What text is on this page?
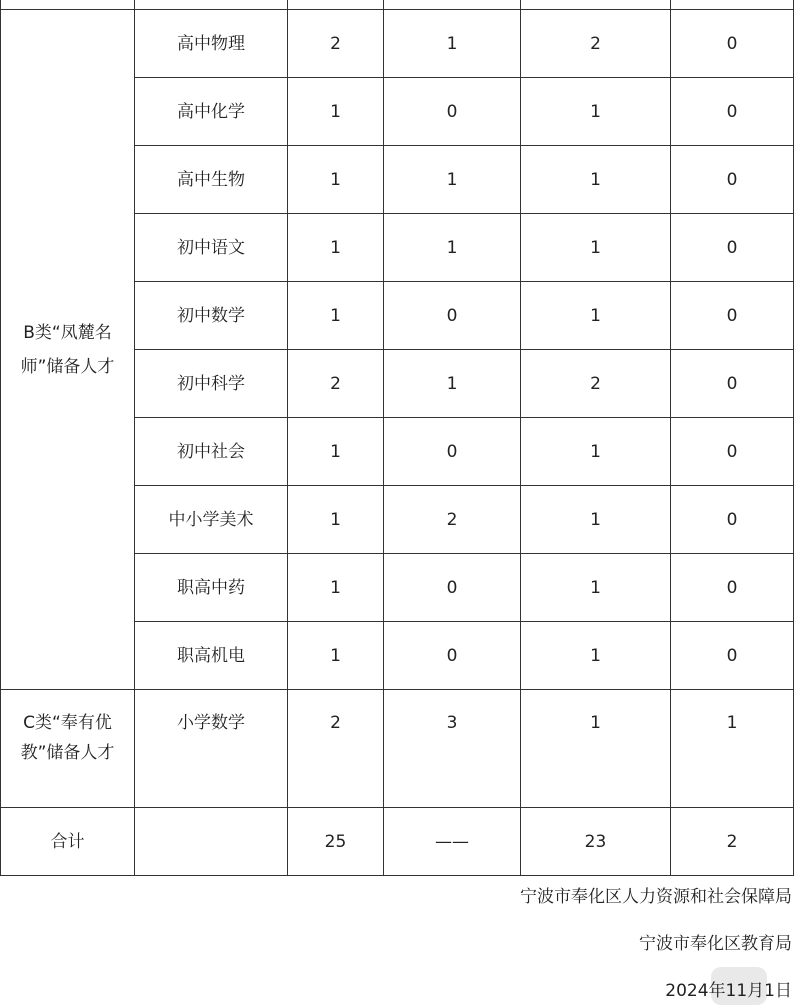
B类“凤麓名师”储备人才	高中物理	2	1	2	0
	高中化学	1	0	1	0
	高中生物	1	1	1	0
	初中语文	1	1	1	0
	初中数学	1	0	1	0
	初中科学	2	1	2	0
	初中社会	1	0	1	0
	中小学美术	1	2	1	0
	职高中药	1	0	1	0
	职高机电	1	0	1	0
C类“奉有优教”储备人才	小学数学	2	3	1	1
合计		25	——	23	2
宁波市奉化区人力资源和社会保障局
宁波市奉化区教育局
2024年11月1日
